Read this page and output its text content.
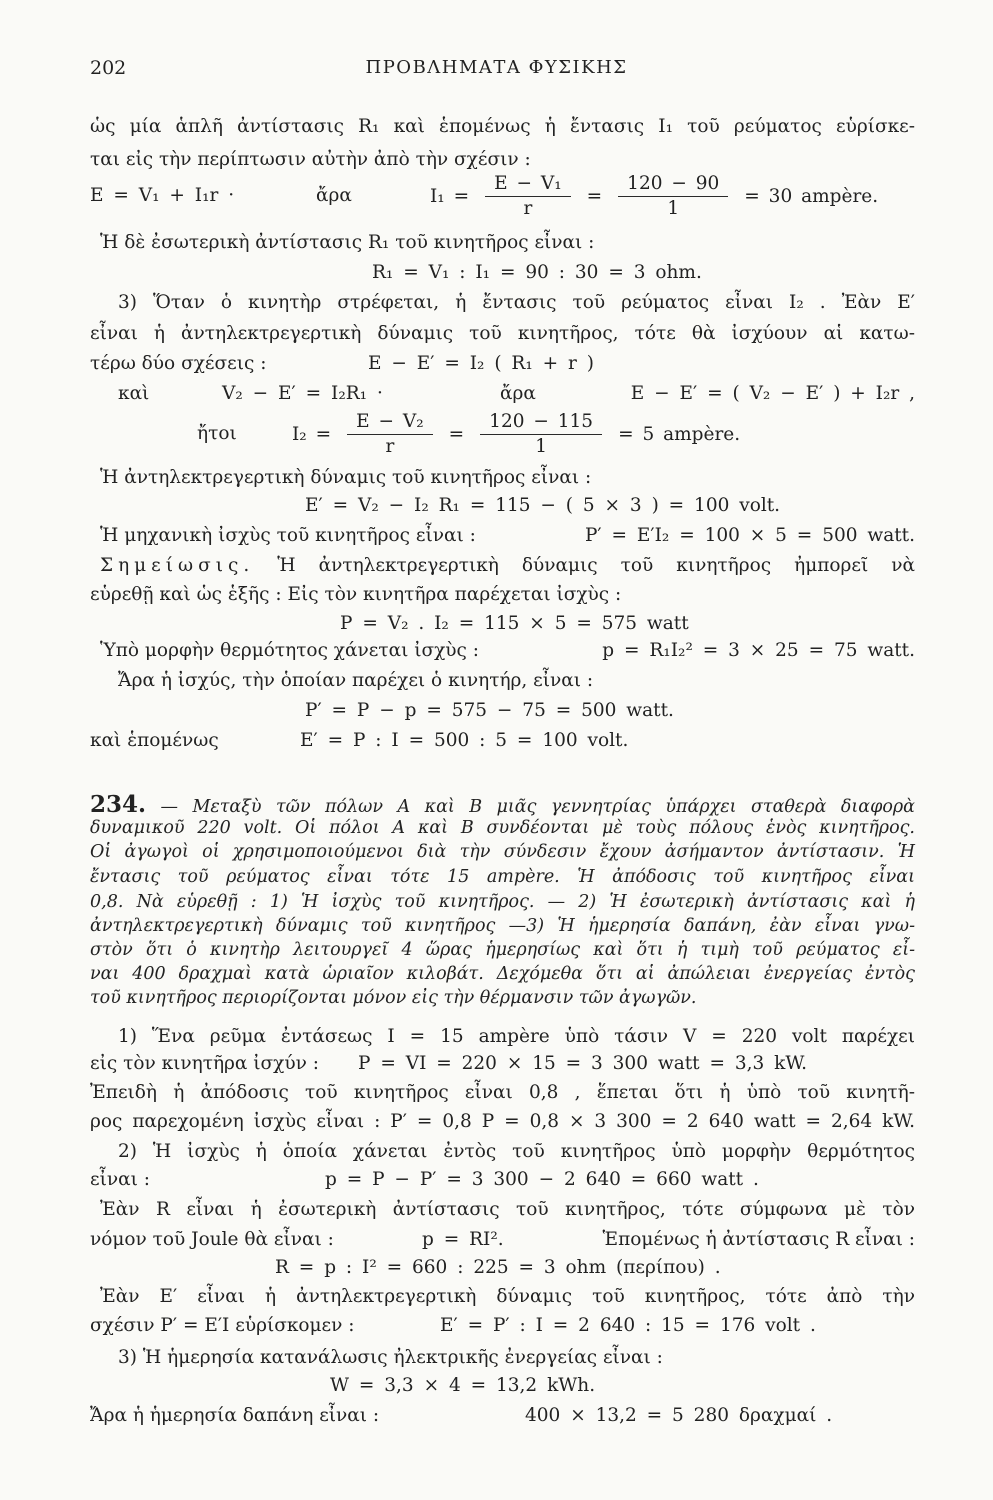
202	ΠΡΟΒΛΗΜΑΤΑ ΦΥΣΙΚΗΣ
ὡς μία ἁπλῆ ἀντίστασις R₁ καὶ ἑπομένως ἡ ἔντασις I₁ τοῦ ρεύματος εὑρίσκε-
ται εἰς τὴν περίπτωσιν αὐτὴν ἀπὸ τὴν σχέσιν :
E = V₁ + I₁r ·	ἄρα	$I_1 = \frac{\text{E − V₁}}{r} = \frac{120 - 90}{1} = 30$ ampère.
Ἡ δὲ ἐσωτερικὴ ἀντίστασις R₁ τοῦ κινητῆρος εἶναι :
R₁ = V₁ : I₁ = 90 : 30 = 3 ohm.
3) Ὅταν ὁ κινητὴρ στρέφεται, ἡ ἔντασις τοῦ ρεύματος εἶναι I₂ . Ἐὰν E′
εἶναι ἡ ἀντηλεκτρεγερτικὴ δύναμις τοῦ κινητῆρος, τότε θὰ ἰσχύουν αἱ κατω-
τέρω δύο σχέσεις :	E − E′ = I₂ ( R₁ + r )
καὶ	V₂ − E′ = I₂R₁ ·	ἄρα	E − E′ = ( V₂ − E′ ) + I₂r ,
ἤτοι	$I_2 = \frac{\text{E − V₂}}{r} = \frac{120 - 115}{1} = 5$ ampère.
Ἡ ἀντηλεκτρεγερτικὴ δύναμις τοῦ κινητῆρος εἶναι :
E′ = V₂ − I₂ R₁ = 115 − ( 5 × 3 ) = 100 volt.
Ἡ μηχανικὴ ἰσχὺς τοῦ κινητῆρος εἶναι :	P′ = E′I₂ = 100 × 5 = 500 watt.
Σημείωσις. Ἡ ἀντηλεκτρεγερτικὴ δύναμις τοῦ κινητῆρος ἠμπορεῖ νὰ
εὑρεθῇ καὶ ὡς ἑξῆς : Εἰς τὸν κινητῆρα παρέχεται ἰσχὺς :
P = V₂ . I₂ = 115 × 5 = 575 watt
Ὑπὸ μορφὴν θερμότητος χάνεται ἰσχὺς :	p = R₁I₂² = 3 × 25 = 75 watt.
Ἄρα ἡ ἰσχύς, τὴν ὁποίαν παρέχει ὁ κινητήρ, εἶναι :
P′ = P − p = 575 − 75 = 500 watt.
καὶ ἑπομένως	E′ = P : I = 500 : 5 = 100 volt.
234. — Μεταξὺ τῶν πόλων A καὶ B μιᾶς γεννητρίας ὑπάρχει σταθερὰ διαφορὰ
δυναμικοῦ 220 volt. Οἱ πόλοι A καὶ B συνδέονται μὲ τοὺς πόλους ἑνὸς κινητῆρος.
Οἱ ἀγωγοὶ οἱ χρησιμοποιούμενοι διὰ τὴν σύνδεσιν ἔχουν ἀσήμαντον ἀντίστασιν. Ἡ
ἔντασις τοῦ ρεύματος εἶναι τότε 15 ampère. Ἡ ἀπόδοσις τοῦ κινητῆρος εἶναι
0,8. Νὰ εὑρεθῇ : 1) Ἡ ἰσχὺς τοῦ κινητῆρος. — 2) Ἡ ἐσωτερικὴ ἀντίστασις καὶ ἡ
ἀντηλεκτρεγερτικὴ δύναμις τοῦ κινητῆρος —3) Ἡ ἡμερησία δαπάνη, ἐὰν εἶναι γνω-
στὸν ὅτι ὁ κινητὴρ λειτουργεῖ 4 ὥρας ἡμερησίως καὶ ὅτι ἡ τιμὴ τοῦ ρεύματος εἶ-
ναι 400 δραχμαὶ κατὰ ὡριαῖον κιλοβάτ. Δεχόμεθα ὅτι αἱ ἀπώλειαι ἐνεργείας ἐντὸς
τοῦ κινητῆρος περιορίζονται μόνον εἰς τὴν θέρμανσιν τῶν ἀγωγῶν.
1) Ἕνα ρεῦμα ἐντάσεως I = 15 ampère ὑπὸ τάσιν V = 220 volt παρέχει
εἰς τὸν κινητῆρα ἰσχύν : P = VI = 220 × 15 = 3 300 watt = 3,3 kW.
Ἐπειδὴ ἡ ἀπόδοσις τοῦ κινητῆρος εἶναι 0,8 , ἕπεται ὅτι ἡ ὑπὸ τοῦ κινητῆ-
ρος παρεχομένη ἰσχὺς εἶναι : P′ = 0,8 P = 0,8 × 3 300 = 2 640 watt = 2,64 kW.
2) Ἡ ἰσχὺς ἡ ὁποία χάνεται ἐντὸς τοῦ κινητῆρος ὑπὸ μορφὴν θερμότητος
εἶναι :	p = P − P′ = 3 300 − 2 640 = 660 watt .
Ἐὰν R εἶναι ἡ ἐσωτερικὴ ἀντίστασις τοῦ κινητῆρος, τότε σύμφωνα μὲ τὸν
νόμον τοῦ Joule θὰ εἶναι :	p = RI².	Ἑπομένως ἡ ἀντίστασις R εἶναι :
R = p : I² = 660 : 225 = 3 ohm (περίπου) .
Ἐὰν E′ εἶναι ἡ ἀντηλεκτρεγερτικὴ δύναμις τοῦ κινητῆρος, τότε ἀπὸ τὴν
σχέσιν P′ = E′I εὑρίσκομεν :	E′ = P′ : I = 2 640 : 15 = 176 volt .
3) Ἡ ἡμερησία κατανάλωσις ἠλεκτρικῆς ἐνεργείας εἶναι :
W = 3,3 × 4 = 13,2 kWh.
Ἄρα ἡ ἡμερησία δαπάνη εἶναι :	400 × 13,2 = 5 280 δραχμαί .
